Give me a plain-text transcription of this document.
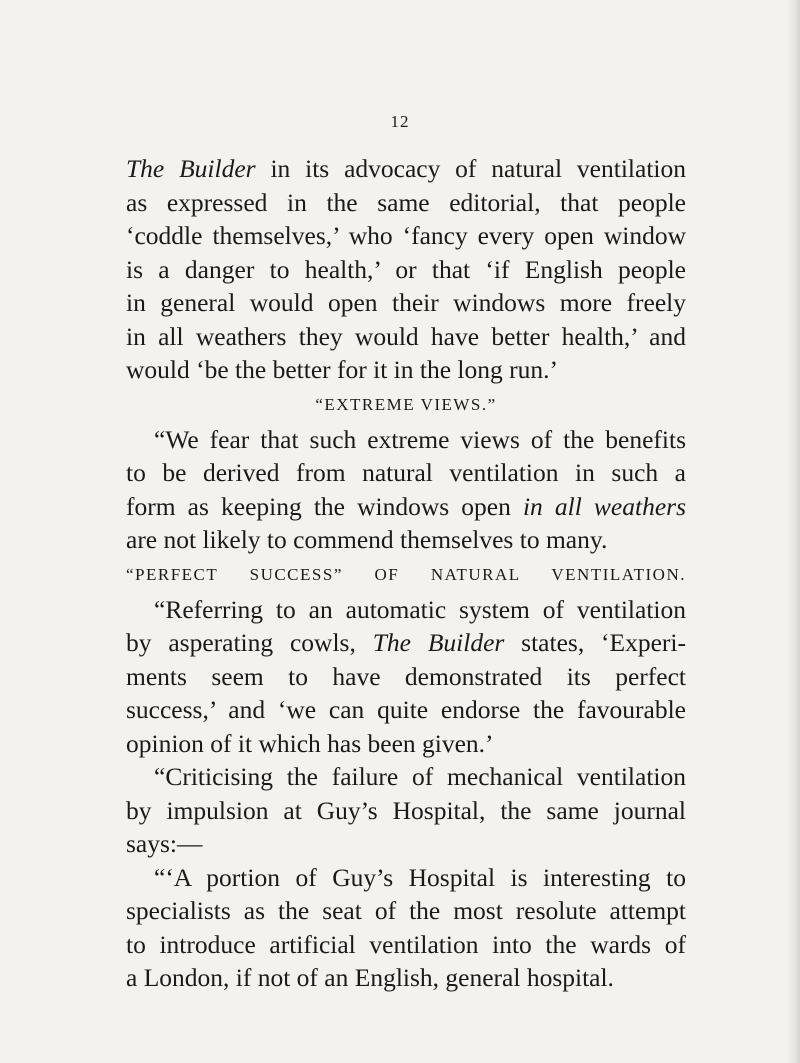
12
The Builder in its advocacy of natural ventilation
as expressed in the same editorial, that people
‘coddle themselves,’ who ‘fancy every open window
is a danger to health,’ or that ‘if English people
in general would open their windows more freely
in all weathers they would have better health,’ and
would ‘be the better for it in the long run.’
“EXTREME VIEWS.”
“We fear that such extreme views of the benefits
to be derived from natural ventilation in such a
form as keeping the windows open in all weathers
are not likely to commend themselves to many.
“PERFECT SUCCESS” OF NATURAL VENTILATION.
“Referring to an automatic system of ventilation
by asperating cowls, The Builder states, ‘Experi-
ments seem to have demonstrated its perfect
success,’ and ‘we can quite endorse the favourable
opinion of it which has been given.’
“Criticising the failure of mechanical ventilation
by impulsion at Guy’s Hospital, the same journal
says:—
“‘A portion of Guy’s Hospital is interesting to
specialists as the seat of the most resolute attempt
to introduce artificial ventilation into the wards of
a London, if not of an English, general hospital.
